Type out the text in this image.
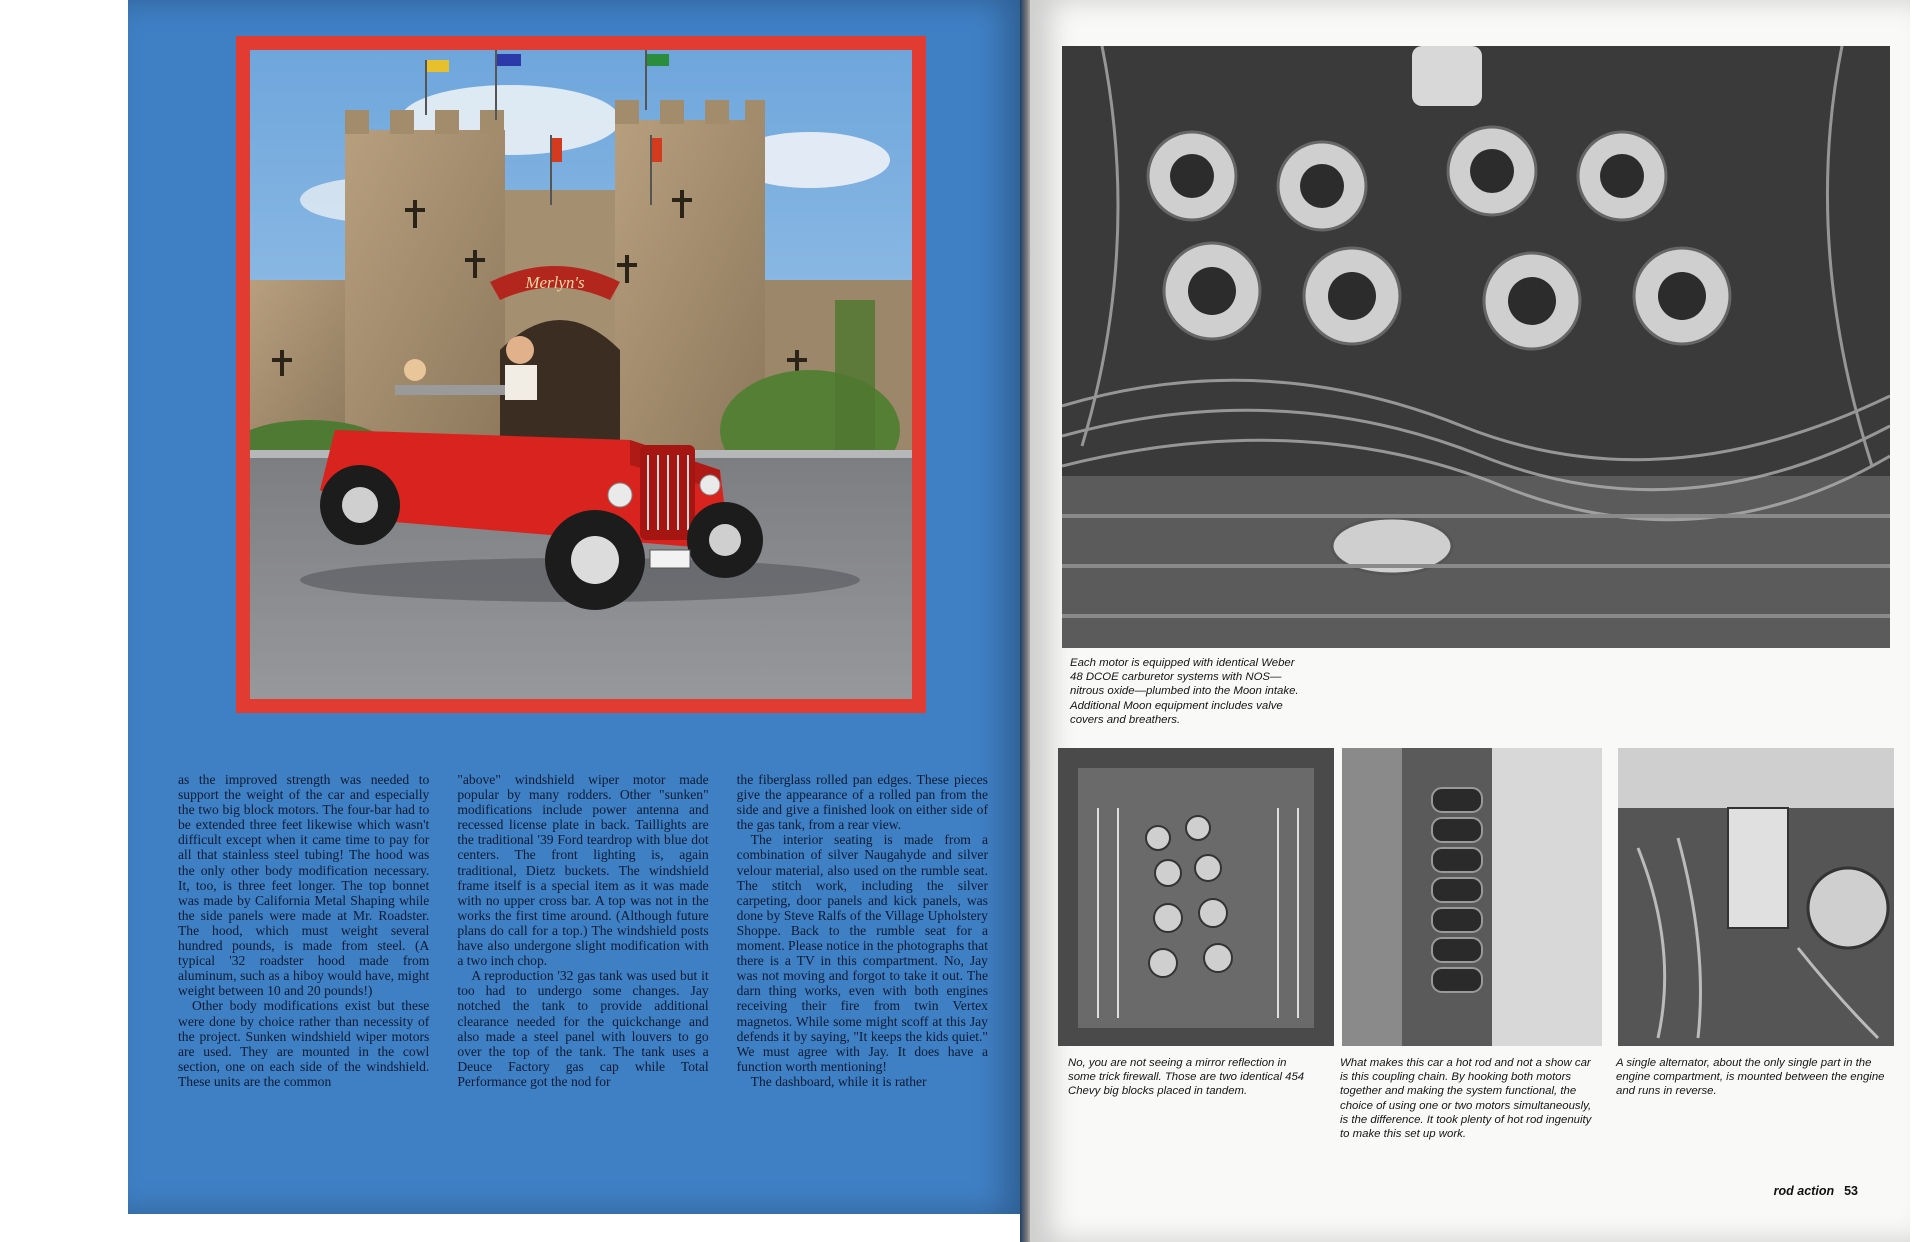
Merlyn's

as the improved strength was needed to support the weight of the car and especially the two big block motors. The four-bar had to be extended three feet likewise which wasn't difficult except when it came time to pay for all that stainless steel tubing! The hood was the only other body modification necessary. It, too, is three feet longer. The top bonnet was made by California Metal Shaping while the side panels were made at Mr. Roadster. The hood, which must weight several hundred pounds, is made from steel. (A typical '32 roadster hood made from aluminum, such as a hiboy would have, might weight between 10 and 20 pounds!)

Other body modifications exist but these were done by choice rather than necessity of the project. Sunken windshield wiper motors are used. They are mounted in the cowl section, one on each side of the windshield. These units are the common

"above" windshield wiper motor made popular by many rodders. Other "sunken" modifications include power antenna and recessed license plate in back. Taillights are the traditional '39 Ford teardrop with blue dot centers. The front lighting is, again traditional, Dietz buckets. The windshield frame itself is a special item as it was made with no upper cross bar. A top was not in the works the first time around. (Although future plans do call for a top.) The windshield posts have also undergone slight modification with a two inch chop.

A reproduction '32 gas tank was used but it too had to undergo some changes. Jay notched the tank to provide additional clearance needed for the quickchange and also made a steel panel with louvers to go over the top of the tank. The tank uses a Deuce Factory gas cap while Total Performance got the nod for

the fiberglass rolled pan edges. These pieces give the appearance of a rolled pan from the side and give a finished look on either side of the gas tank, from a rear view.

The interior seating is made from a combination of silver Naugahyde and silver velour material, also used on the rumble seat. The stitch work, including the silver carpeting, door panels and kick panels, was done by Steve Ralfs of the Village Upholstery Shoppe. Back to the rumble seat for a moment. Please notice in the photographs that there is a TV in this compartment. No, Jay was not moving and forgot to take it out. The darn thing works, even with both engines receiving their fire from twin Vertex magnetos. While some might scoff at this Jay defends it by saying, "It keeps the kids quiet." We must agree with Jay. It does have a function worth mentioning!

The dashboard, while it is rather

Each motor is equipped with identical Weber 48 DCOE carburetor systems with NOS—nitrous oxide—plumbed into the Moon intake. Additional Moon equipment includes valve covers and breathers.
No, you are not seeing a mirror reflection in some trick firewall. Those are two identical 454 Chevy big blocks placed in tandem.
What makes this car a hot rod and not a show car is this coupling chain. By hooking both motors together and making the system functional, the choice of using one or two motors simultaneously, is the difference. It took plenty of hot rod ingenuity to make this set up work.
A single alternator, about the only single part in the engine compartment, is mounted between the engine and runs in reverse.
rod action 53
